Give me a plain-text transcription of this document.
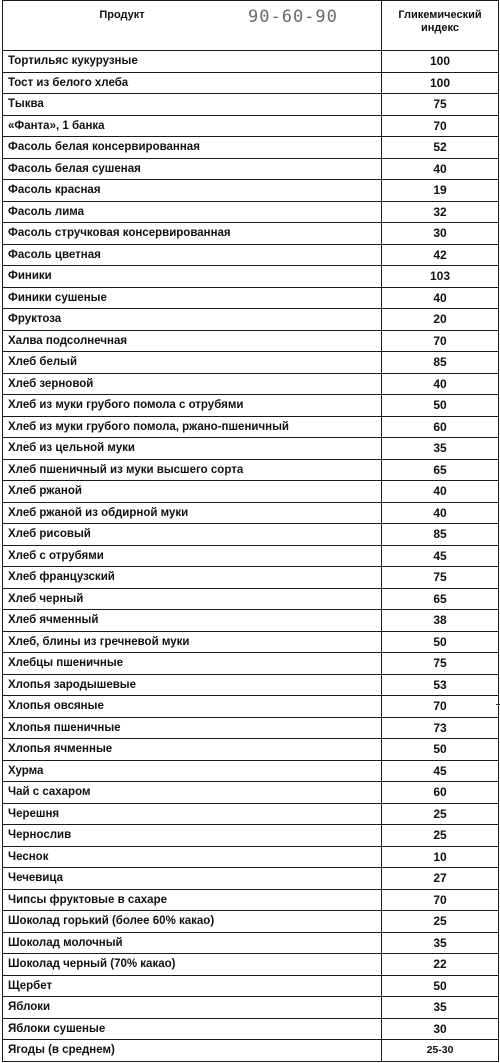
Продукт 90-60-90	Гликемический
индекс

Тортильяс кукурузные	100
Тост из белого хлеба	100
Тыква	75
«Фанта», 1 банка	70
Фасоль белая консервированная	52
Фасоль белая сушеная	40
Фасоль красная	19
Фасоль лима	32
Фасоль стручковая консервированная	30
Фасоль цветная	42
Финики	103
Финики сушеные	40
Фруктоза	20
Халва подсолнечная	70
Хлеб белый	85
Хлеб зерновой	40
Хлеб из муки грубого помола с отрубями	50
Хлеб из муки грубого помола, ржано-пшеничный	60
Хлеб из цельной муки	35
Хлеб пшеничный из муки высшего сорта	65
Хлеб ржаной	40
Хлеб ржаной из обдирной муки	40
Хлеб рисовый	85
Хлеб с отрубями	45
Хлеб французский	75
Хлеб черный	65
Хлеб ячменный	38
Хлеб, блины из гречневой муки	50
Хлебцы пшеничные	75
Хлопья зародышевые	53
Хлопья овсяные	70
Хлопья пшеничные	73
Хлопья ячменные	50
Хурма	45
Чай с сахаром	60
Черешня	25
Чернослив	25
Чеснок	10
Чечевица	27
Чипсы фруктовые в сахаре	70
Шоколад горький (более 60% какао)	25
Шоколад молочный	35
Шоколад черный (70% какао)	22
Щербет	50
Яблоки	35
Яблоки сушеные	30
Ягоды (в среднем)	25-30
